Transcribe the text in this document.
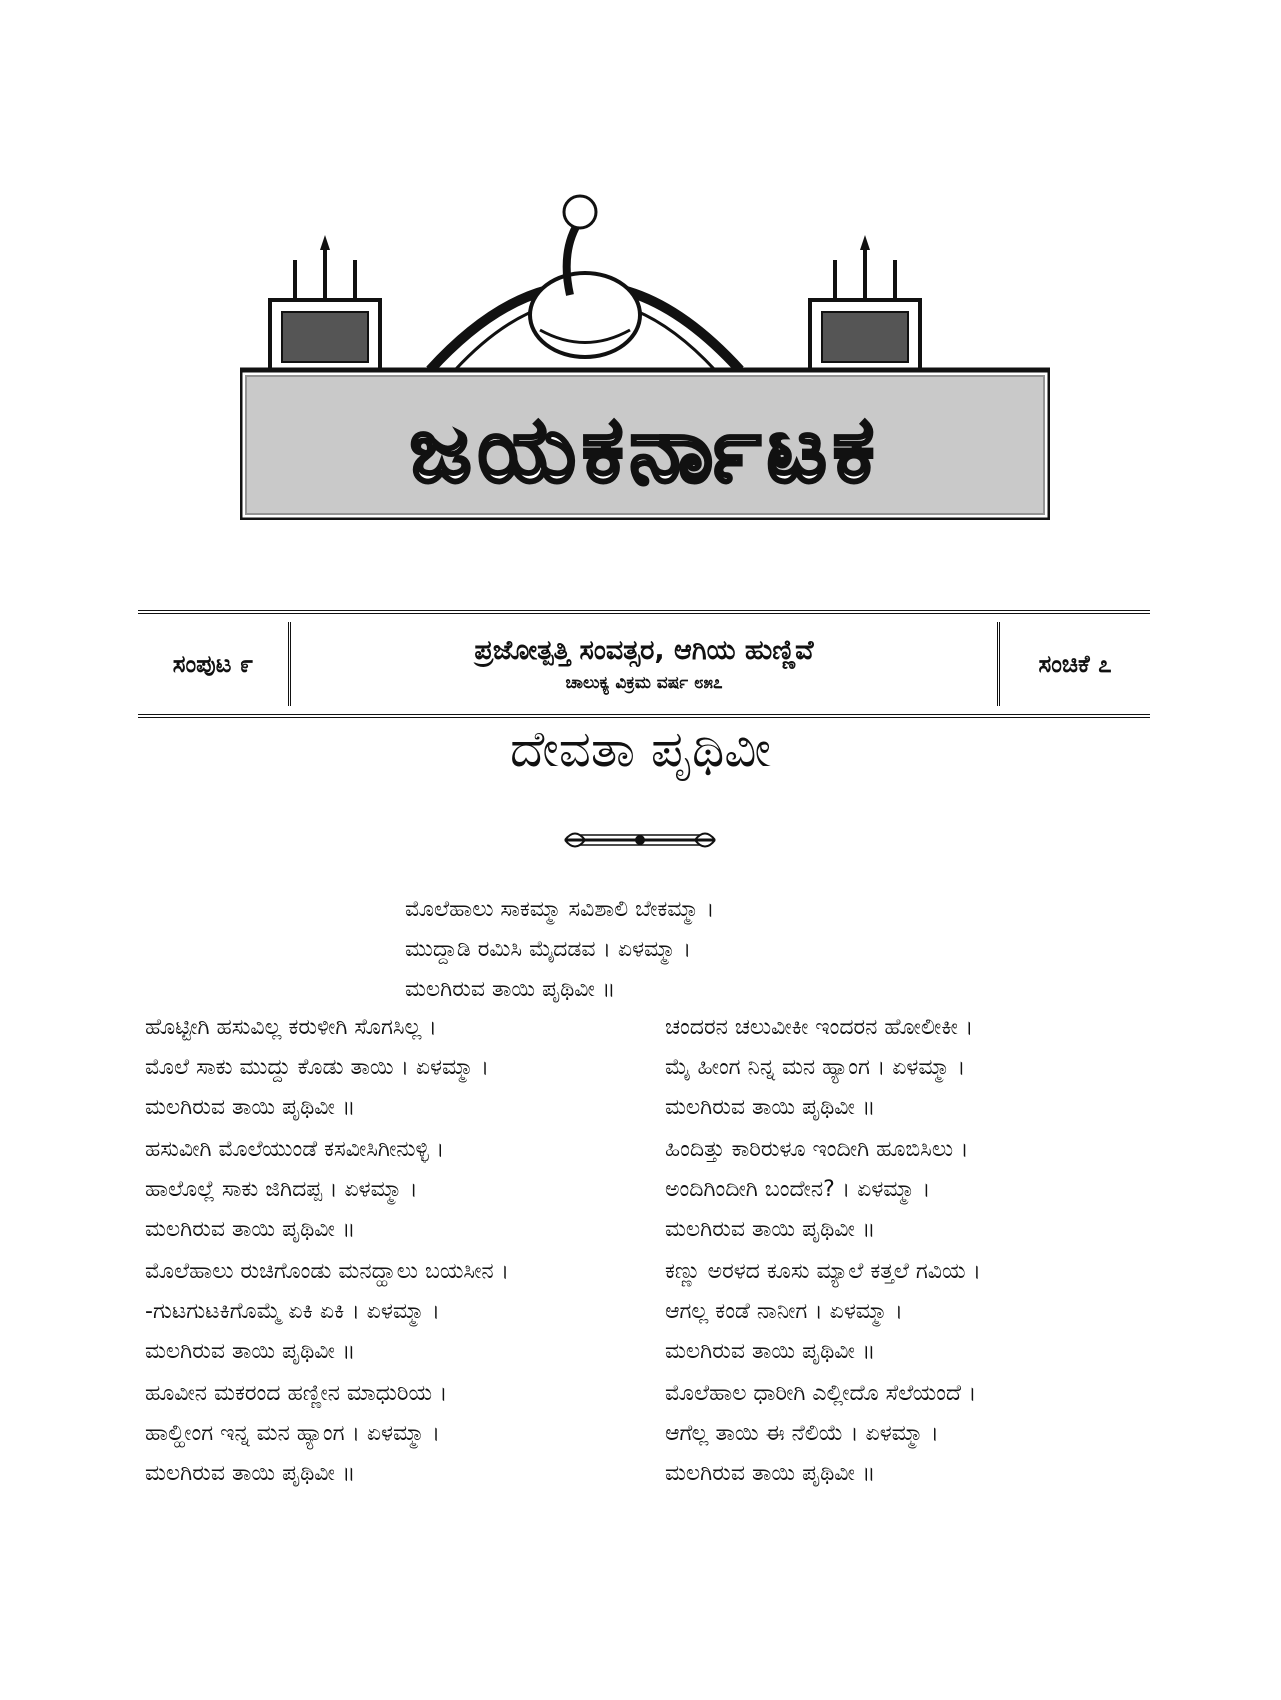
ಜಯಕರ್ನಾಟಕ
ಸಂಪುಟ ೯	ಪ್ರಜೋತ್ಪತ್ತಿ ಸಂವತ್ಸರ, ಆಗಿಯ ಹುಣ್ಣಿವೆ
ಚಾಲುಕ್ಯ ವಿಕ್ರಮ ವರ್ಷ ೮೫೭
ಸಂಚಿಕೆ ೭
ದೇವತಾ ಪೃಥಿವೀ
ಮೊಲೆಹಾಲು ಸಾಕಮ್ಮಾ ಸವಿಶಾಲಿ ಬೇಕಮ್ಮಾ ।
ಮುದ್ದಾಡಿ ರಮಿಸಿ ಮೈದಡವ । ಏಳಮ್ಮಾ ।
ಮಲಗಿರುವ ತಾಯಿ ಪೃಥಿವೀ ॥
ಹೊಟ್ಟೀಗಿ ಹಸುವಿಲ್ಲ ಕರುಳೀಗಿ ಸೊಗಸಿಲ್ಲ ।
ಮೊಲೆ ಸಾಕು ಮುದ್ದು ಕೊಡು ತಾಯಿ । ಏಳಮ್ಮಾ ।
ಮಲಗಿರುವ ತಾಯಿ ಪೃಥಿವೀ ॥
ಹಸುವೀಗಿ ಮೊಲೆಯುಂಡೆ ಕಸವೀಸಿಗೀನುಳ್ಳಿ ।
ಹಾಲೊಲ್ಲೆ ಸಾಕು ಜಿಗಿದಪ್ಪ । ಏಳಮ್ಮಾ ।
ಮಲಗಿರುವ ತಾಯಿ ಪೃಥಿವೀ ॥
ಮೊಲೆಹಾಲು ರುಚಿಗೊಂಡು ಮನದ್ಹಾಲು ಬಯಸೀನ ।
-ಗುಟಗುಟಕಿಗೊಮ್ಮೆ ಏಕಿ ಏಕಿ । ಏಳಮ್ಮಾ ।
ಮಲಗಿರುವ ತಾಯಿ ಪೃಥಿವೀ ॥
ಹೂವೀನ ಮಕರಂದ ಹಣ್ಣೀನ ಮಾಧುರಿಯ ।
ಹಾಲ್ಹೀಂಗ ಇನ್ನ ಮನ ಹ್ಯಾಂಗ । ಏಳಮ್ಮಾ ।
ಮಲಗಿರುವ ತಾಯಿ ಪೃಥಿವೀ ॥
ಚಂದರನ ಚಲುವೀಕೀ ಇಂದರನ ಹೋಲೀಕೀ ।
ಮೈ ಹೀಂಗ ನಿನ್ನ ಮನ ಹ್ಯಾಂಗ । ಏಳಮ್ಮಾ ।
ಮಲಗಿರುವ ತಾಯಿ ಪೃಥಿವೀ ॥
ಹಿಂದಿತ್ತು ಕಾರಿರುಳೂ ಇಂದೀಗಿ ಹೂಬಿಸಿಲು ।
ಅಂದಿಗಿಂದೀಗಿ ಬಂದೇನ? । ಏಳಮ್ಮಾ ।
ಮಲಗಿರುವ ತಾಯಿ ಪೃಥಿವೀ ॥
ಕಣ್ಣು ಅರಳದ ಕೂಸು ಮ್ಯಾಲೆ ಕತ್ತಲೆ ಗವಿಯ ।
ಆಗಲ್ಲ ಕಂಡೆ ನಾನೀಗ । ಏಳಮ್ಮಾ ।
ಮಲಗಿರುವ ತಾಯಿ ಪೃಥಿವೀ ॥
ಮೊಲೆಹಾಲ ಧಾರೀಗಿ ಎಲ್ಲೀದೊ ಸೆಲೆಯಂದೆ ।
ಆಗೆಲ್ಲ ತಾಯಿ ಈ ನೆಲಿಯೆ । ಏಳಮ್ಮಾ ।
ಮಲಗಿರುವ ತಾಯಿ ಪೃಥಿವೀ ॥
